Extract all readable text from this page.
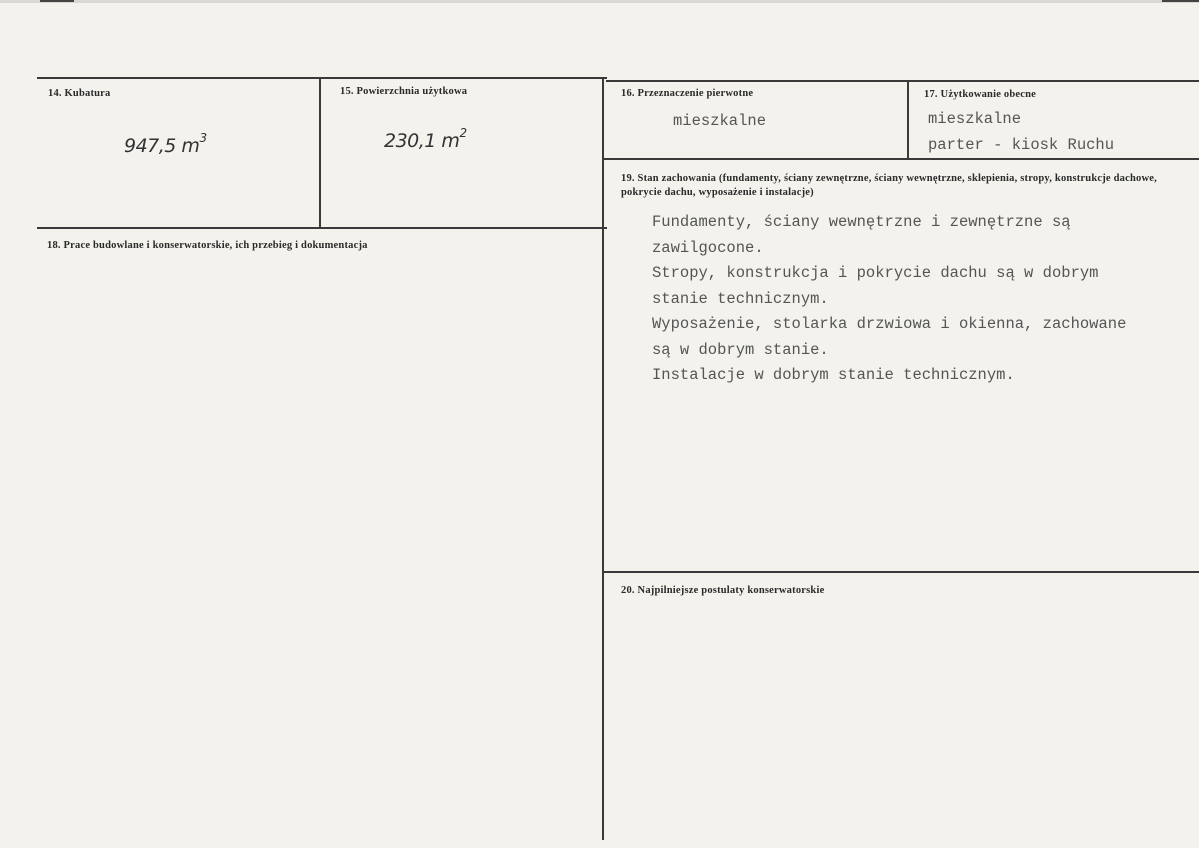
14. Kubatura
947,5 $m^3$
15. Powierzchnia użytkowa
230,1 $m^2$
16. Przeznaczenie pierwotne
mieszkalne
17. Użytkowanie obecne
mieszkalne
parter - kiosk Ruchu
18. Prace budowlane i konserwatorskie, ich przebieg i dokumentacja
19. Stan zachowania (fundamenty, ściany zewnętrzne, ściany wewnętrzne, sklepienia, stropy, konstrukcje dachowe, pokrycie dachu, wyposażenie i instalacje)
Fundamenty, ściany wewnętrzne i zewnętrzne są
zawilgocone.
Stropy, konstrukcja i pokrycie dachu są w dobrym
stanie technicznym.
Wyposażenie, stolarka drzwiowa i okienna, zachowane
są w dobrym stanie.
Instalacje w dobrym stanie technicznym.
20. Najpilniejsze postulaty konserwatorskie
